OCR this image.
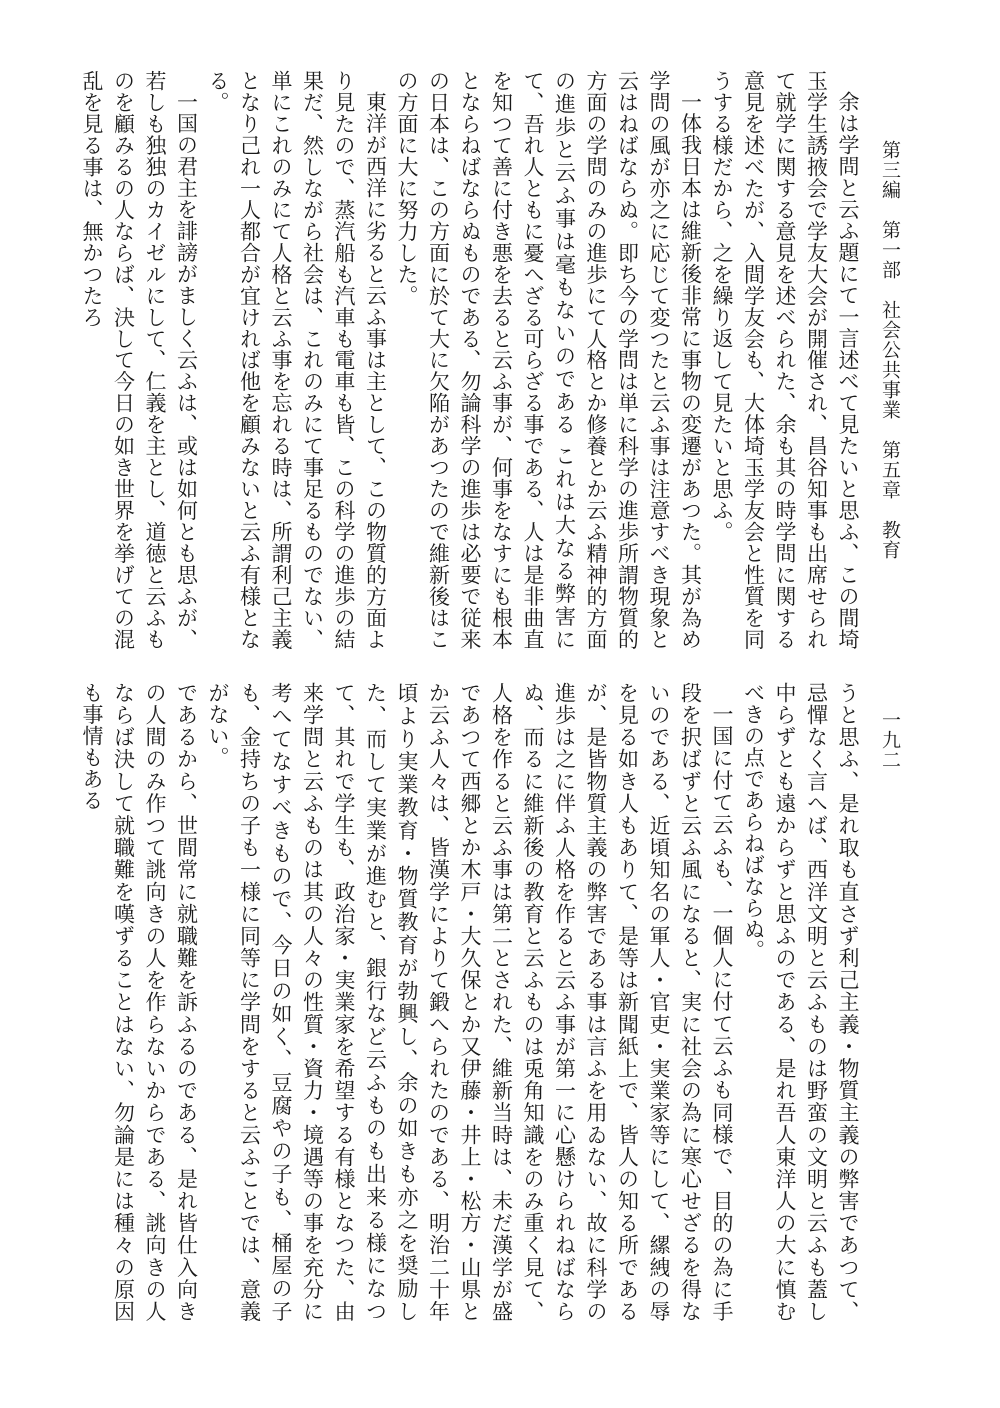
第三編　第一部　社会公共事業　第五章　教育
一九二

余は学問と云ふ題にて一言述べて見たいと思ふ、この間埼玉学生誘掖会で学友大会が開催され、昌谷知事も出席せられて就学に関する意見を述べられた、余も其の時学問に関する意見を述べたが、入間学友会も、大体埼玉学友会と性質を同うする様だから、之を繰り返して見たいと思ふ。

一体我日本は維新後非常に事物の変遷があつた。其が為め学問の風が亦之に応じて変つたと云ふ事は注意すべき現象と云はねばならぬ。即ち今の学問は単に科学の進歩所謂物質的方面の学問のみの進歩にて人格とか修養とか云ふ精神的方面の進歩と云ふ事は毫もないのである これは大なる弊害にて、吾れ人ともに憂へざる可らざる事である、人は是非曲直を知つて善に付き悪を去ると云ふ事が、何事をなすにも根本とならねばならぬものである、勿論科学の進歩は必要で従来の日本は、この方面に於て大に欠陥があつたので維新後はこの方面に大に努力した。

東洋が西洋に劣ると云ふ事は主として、この物質的方面より見たので、蒸汽船も汽車も電車も皆、この科学の進歩の結果だ、然しながら社会は、これのみにて事足るものでない、単にこれのみにて人格と云ふ事を忘れる時は、所謂利己主義となり己れ一人都合が宜ければ他を顧みないと云ふ有様となる。

一国の君主を誹謗がましく云ふは、或は如何とも思ふが、若しも独独のカイゼルにして、仁義を主とし、道徳と云ふものを顧みるの人ならば、決して今日の如き世界を挙げての混乱を見る事は、無かつたろ

うと思ふ、是れ取も直さず利己主義・物質主義の弊害であつて、忌憚なく言へば、西洋文明と云ふものは野蛮の文明と云ふも蓋し中らずとも遠からずと思ふのである、是れ吾人東洋人の大に慎むべきの点であらねばならぬ。

一国に付て云ふも、一個人に付て云ふも同様で、目的の為に手段を択ばずと云ふ風になると、実に社会の為に寒心せざるを得ないのである、近頃知名の軍人・官吏・実業家等にして、縲絏の辱を見る如き人もありて、是等は新聞紙上で、皆人の知る所であるが、是皆物質主義の弊害である事は言ふを用ゐない、故に科学の進歩は之に伴ふ人格を作ると云ふ事が第一に心懸けられねばならぬ、而るに維新後の教育と云ふものは兎角知識をのみ重く見て、人格を作ると云ふ事は第二とされた、維新当時は、未だ漢学が盛であつて西郷とか木戸・大久保とか又伊藤・井上・松方・山県とか云ふ人々は、皆漢学によりて鍛へられたのである、明治二十年頃より実業教育・物質教育が勃興し、余の如きも亦之を奨励した、而して実業が進むと、銀行など云ふものも出来る様になつて、其れで学生も、政治家・実業家を希望する有様となつた、由来学問と云ふものは其の人々の性質・資力・境遇等の事を充分に考へてなすべきもので、今日の如く、豆腐やの子も、桶屋の子も、金持ちの子も一様に同等に学問をすると云ふことでは、意義がない。

であるから、世間常に就職難を訴ふるのである、是れ皆仕入向きの人間のみ作つて誂向きの人を作らないからである、誂向きの人ならば決して就職難を嘆ずることはない、勿論是には種々の原因も事情もある
